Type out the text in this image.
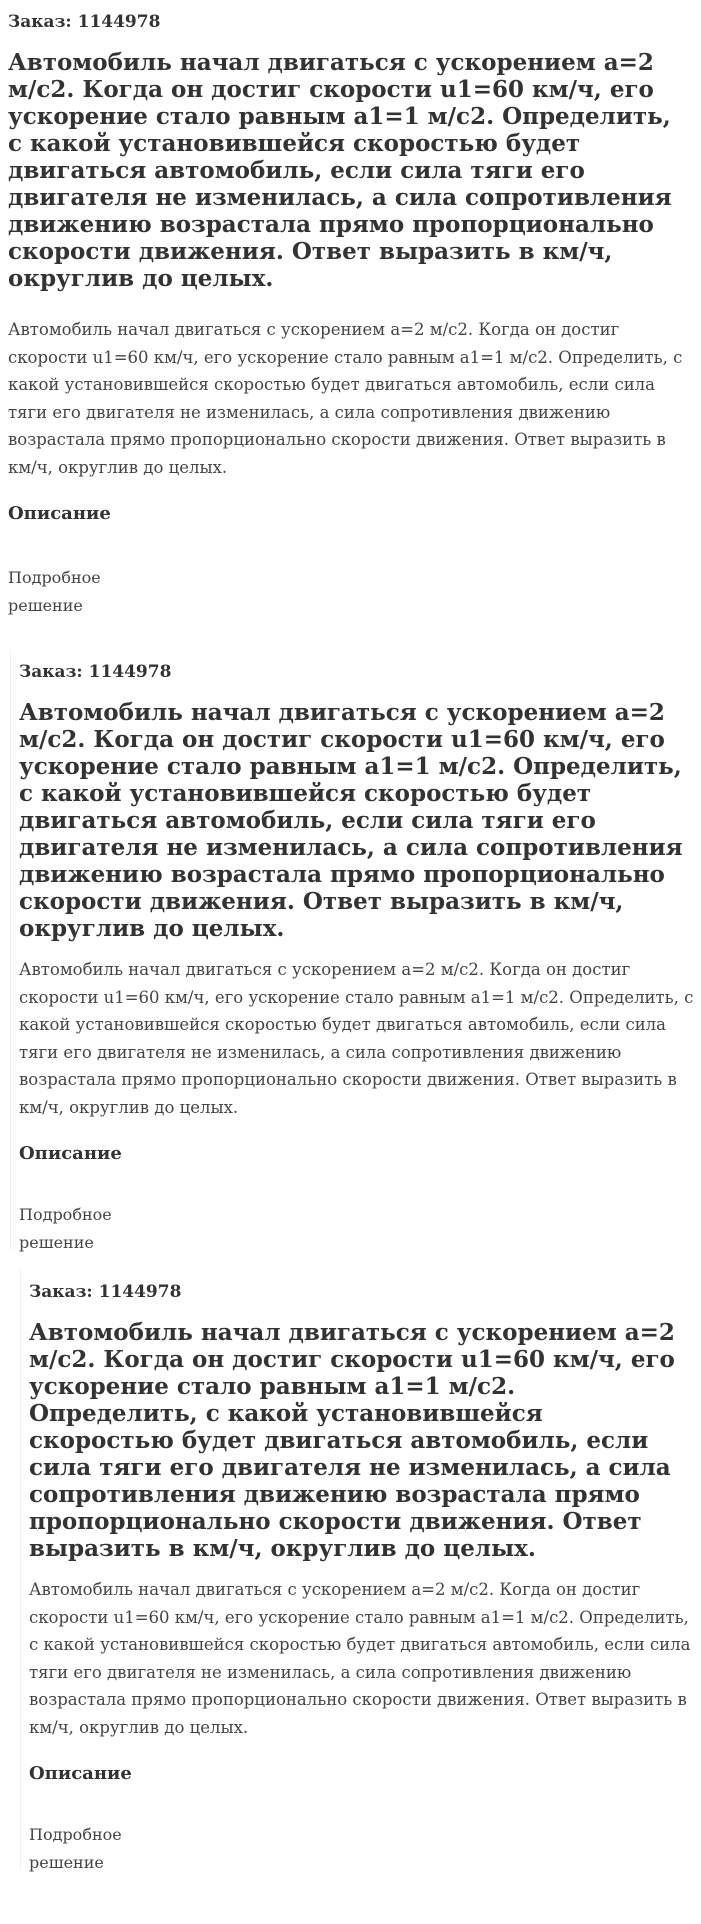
Заказ: 1144978
Автомобиль начал двигаться с ускорением a=2 м/с2. Когда он достиг скорости u1=60 км/ч, его ускорение стало равным a1=1 м/с2. Определить, с какой установившейся скоростью будет двигаться автомобиль, если сила тяги его двигателя не изменилась, а сила сопротивления движению возрастала прямо пропорционально скорости движения. Ответ выразить в км/ч, округлив до целых.

Автомобиль начал двигаться с ускорением a=2 м/с2. Когда он достиг скорости u1=60 км/ч, его ускорение стало равным a1=1 м/с2. Определить, с какой установившейся скоростью будет двигаться автомобиль, если сила тяги его двигателя не изменилась, а сила сопротивления движению возрастала прямо пропорционально скорости движения. Ответ выразить в км/ч, округлив до целых.

Описание
Подробное решение
Заказ: 1144978
Автомобиль начал двигаться с ускорением a=2 м/с2. Когда он достиг скорости u1=60 км/ч, его ускорение стало равным a1=1 м/с2. Определить, с какой установившейся скоростью будет двигаться автомобиль, если сила тяги его двигателя не изменилась, а сила сопротивления движению возрастала прямо пропорционально скорости движения. Ответ выразить в км/ч, округлив до целых.

Автомобиль начал двигаться с ускорением a=2 м/с2. Когда он достиг скорости u1=60 км/ч, его ускорение стало равным a1=1 м/с2. Определить, с какой установившейся скоростью будет двигаться автомобиль, если сила тяги его двигателя не изменилась, а сила сопротивления движению возрастала прямо пропорционально скорости движения. Ответ выразить в км/ч, округлив до целых.

Описание
Подробное решение
Заказ: 1144978
Автомобиль начал двигаться с ускорением a=2 м/с2. Когда он достиг скорости u1=60 км/ч, его ускорение стало равным a1=1 м/с2. Определить, с какой установившейся скоростью будет двигаться автомобиль, если сила тяги его двигателя не изменилась, а сила сопротивления движению возрастала прямо пропорционально скорости движения. Ответ выразить в км/ч, округлив до целых.

Автомобиль начал двигаться с ускорением a=2 м/с2. Когда он достиг скорости u1=60 км/ч, его ускорение стало равным a1=1 м/с2. Определить, с какой установившейся скоростью будет двигаться автомобиль, если сила тяги его двигателя не изменилась, а сила сопротивления движению возрастала прямо пропорционально скорости движения. Ответ выразить в км/ч, округлив до целых.

Описание
Подробное решение
